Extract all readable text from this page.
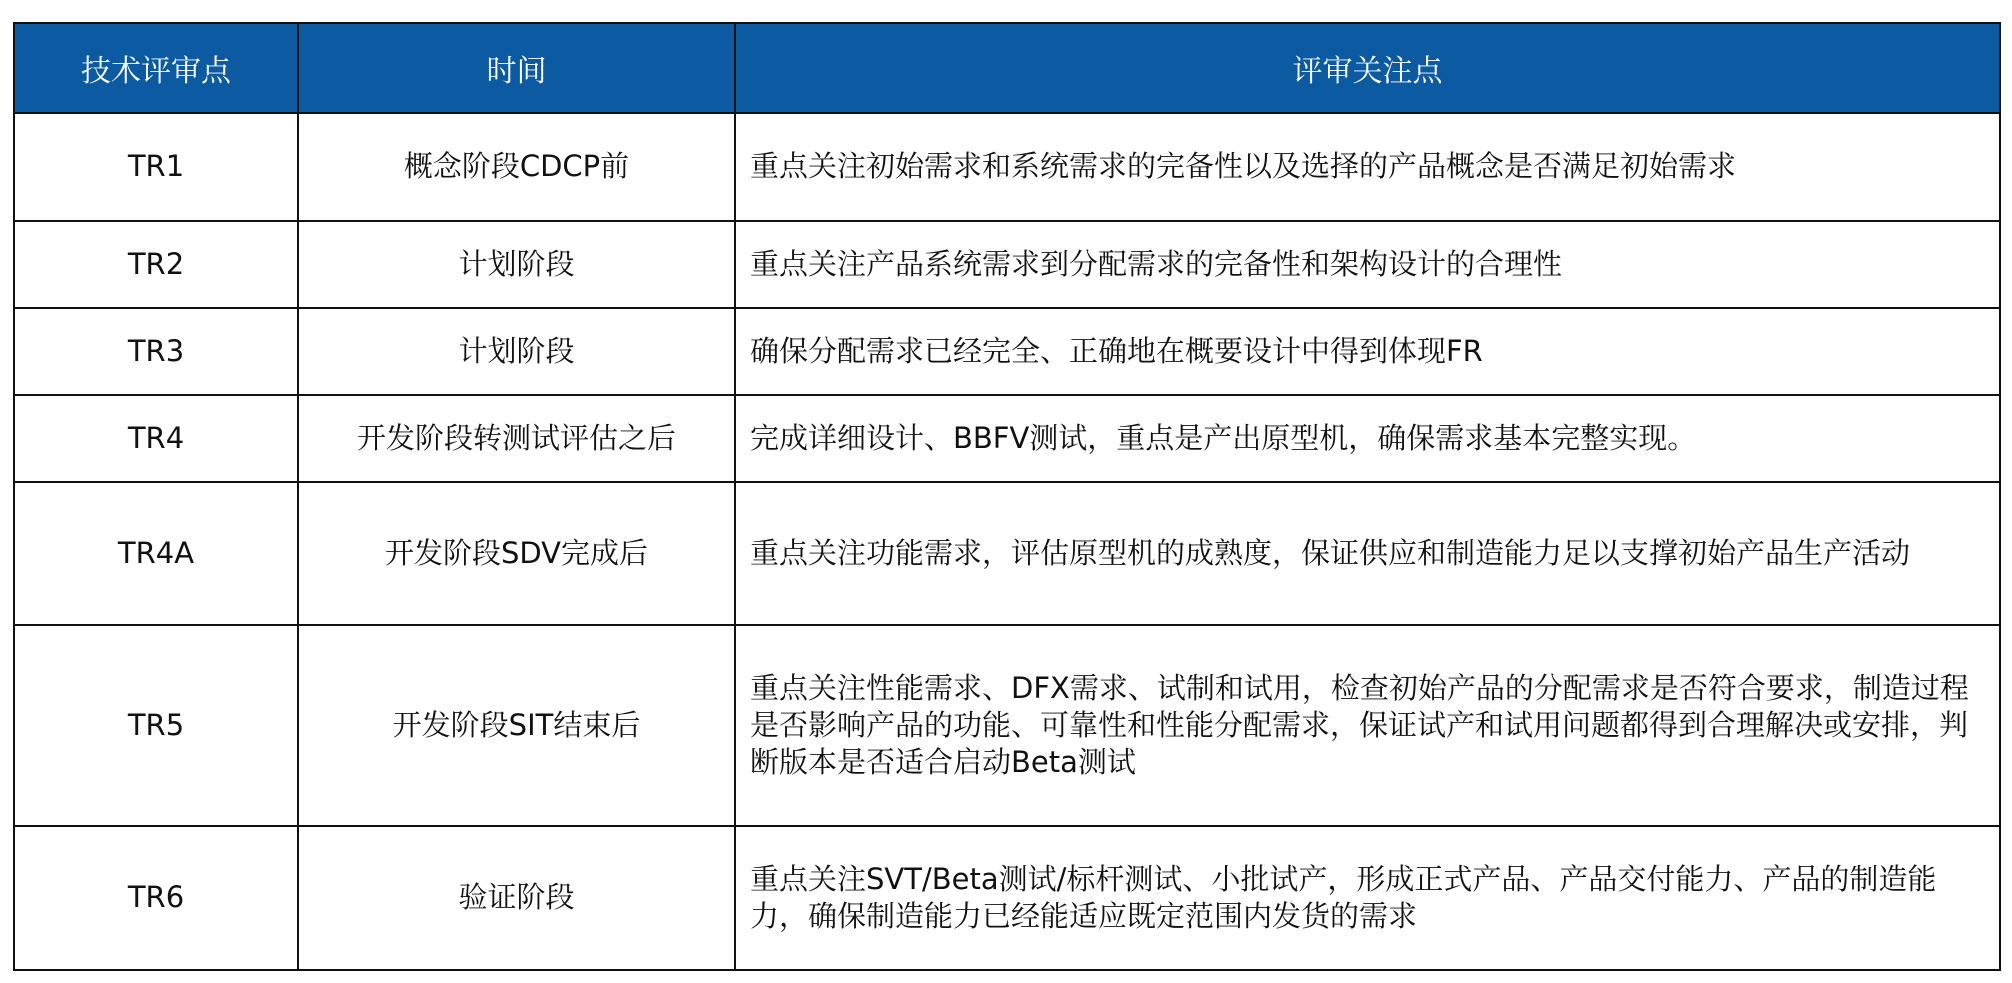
技术评审点	时间	评审关注点
TR1	概念阶段CDCP前	重点关注初始需求和系统需求的完备性以及选择的产品概念是否满足初始需求
TR2	计划阶段	重点关注产品系统需求到分配需求的完备性和架构设计的合理性
TR3	计划阶段	确保分配需求已经完全、正确地在概要设计中得到体现FR
TR4	开发阶段转测试评估之后	完成详细设计、BBFV测试，重点是产出原型机，确保需求基本完整实现。
TR4A	开发阶段SDV完成后	重点关注功能需求，评估原型机的成熟度，保证供应和制造能力足以支撑初始产品生产活动
TR5	开发阶段SIT结束后	重点关注性能需求、DFX需求、试制和试用，检查初始产品的分配需求是否符合要求，制造过程是否影响产品的功能、可靠性和性能分配需求，保证试产和试用问题都得到合理解决或安排，判断版本是否适合启动Beta测试
TR6	验证阶段	重点关注SVT/Beta测试/标杆测试、小批试产，形成正式产品、产品交付能力、产品的制造能力，确保制造能力已经能适应既定范围内发货的需求
